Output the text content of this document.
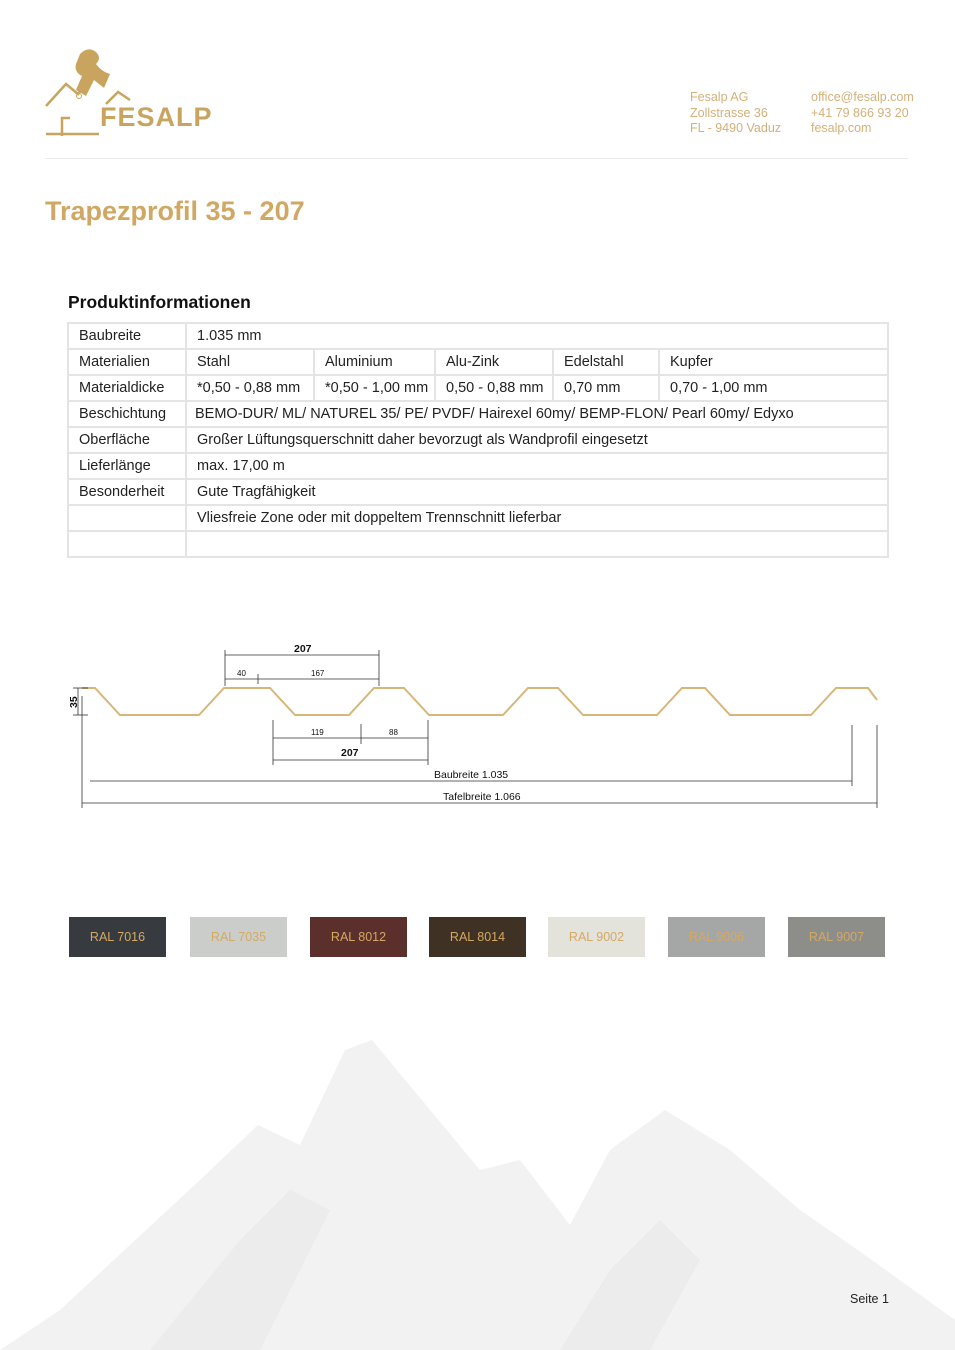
FESALP
Fesalp AG
Zollstrasse 36
FL - 9490 Vaduz
office@fesalp.com
+41 79 866 93 20
fesalp.com
Trapezprofil 35 - 207
Produktinformationen
Baubreite	1.035 mm				
Materialien	Stahl	Aluminium	Alu-Zink	Edelstahl	Kupfer
Materialdicke	*0,50 - 0,88 mm	*0,50 - 1,00 mm	0,50 - 0,88 mm	0,70 mm	0,70 - 1,00 mm
Beschichtung	BEMO-DUR/ ML/ NATUREL 35/ PE/ PVDF/ Hairexel 60my/ BEMP-FLON/ Pearl 60my/ Edyxo				
Oberfläche	Großer Lüftungsquerschnitt daher bevorzugt als Wandprofil eingesetzt				
Lieferlänge	max. 17,00 m				
Besonderheit	Gute Tragfähigkeit				
	Vliesfreie Zone oder mit doppeltem Trennschnitt lieferbar				

207
40	167
35
119	88
207
Baubreite 1.035
Tafelbreite 1.066
RAL 7016	RAL 7035	RAL 8012	RAL 8014	RAL 9002	RAL 9006	RAL 9007
Seite 1
